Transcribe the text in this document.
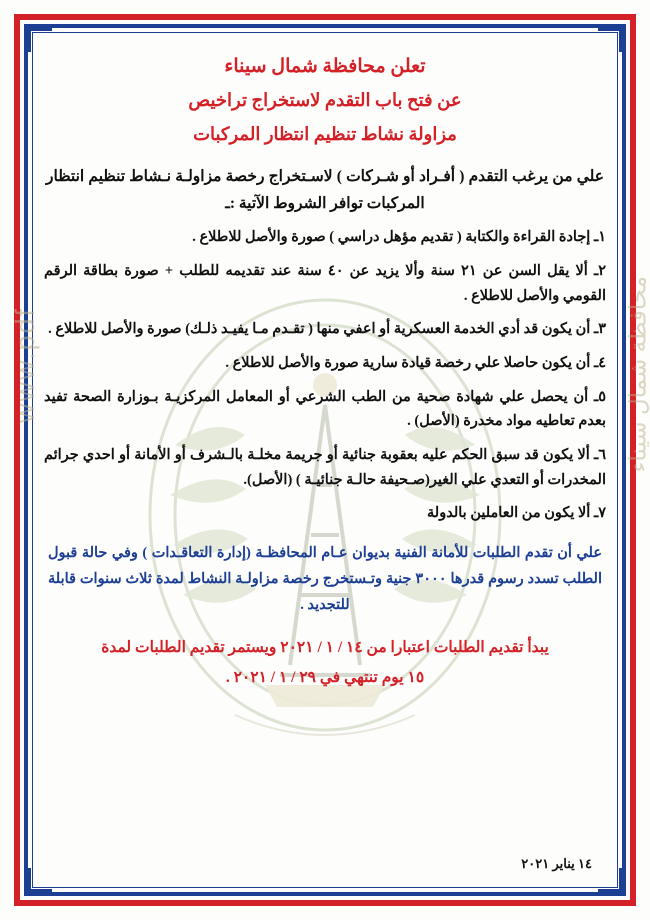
www.pdf	محافظة شمال سيناء
تعلن محافظة شمال سيناء
عن فتح باب التقدم لاستخراج تراخيص
مزاولة نشاط تنظيم انتظار المركبات
علي من يرغب التقدم ( أفـراد أو شـركات ) لاسـتخراج رخصة مزاولـة نـشاط تنظيم انتظار المركبات توافر الشروط الآتية :ـ
١ـ إجادة القراءة والكتابة ( تقديم مؤهل دراسي ) صورة والأصل للاطلاع .
٢ـ ألا يقل السن عن ٢١ سنة وألا يزيد عن ٤٠ سنة عند تقديمه للطلب + صورة بطاقة الرقم القومي والأصل للاطلاع .
٣ـ أن يكون قد أدي الخدمة العسكرية أو اعفي منها ( تقـدم مـا يفيـد ذلـك) صورة والأصل للاطلاع .
٤ـ أن يكون حاصلا علي رخصة قيادة سارية صورة والأصل للاطلاع .
٥ـ أن يحصل علي شهادة صحية من الطب الشرعي أو المعامل المركزيـة بـوزارة الصحة تفيد بعدم تعاطيه مواد مخدرة (الأصل) .
٦ـ ألا يكون قد سبق الحكم عليه بعقوبة جنائية أو جريمة مخلـة بالـشرف أو الأمانة أو احدي جرائم المخدرات أو التعدي علي الغير(صـحيفة حالـة جنائيـة ) (الأصل).
٧ـ ألا يكون من العاملين بالدولة
علي أن تقدم الطلبات للأمانة الفنية بديوان عـام المحافظـة (إدارة التعاقـدات ) وفي حالة قبول الطلب تسدد رسوم قدرها ٣٠٠٠ جنية وتـستخرج رخصة مزاولـة النشاط لمدة ثلاث سنوات قابلة للتجديد .
يبدأ تقديم الطلبات اعتبارا من ١٤ / ١ / ٢٠٢١ ويستمر تقديم الطلبات لمدة
١٥ يوم تنتهي في ٢٩ / ١ / ٢٠٢١ .
١٤ يناير ٢٠٢١
